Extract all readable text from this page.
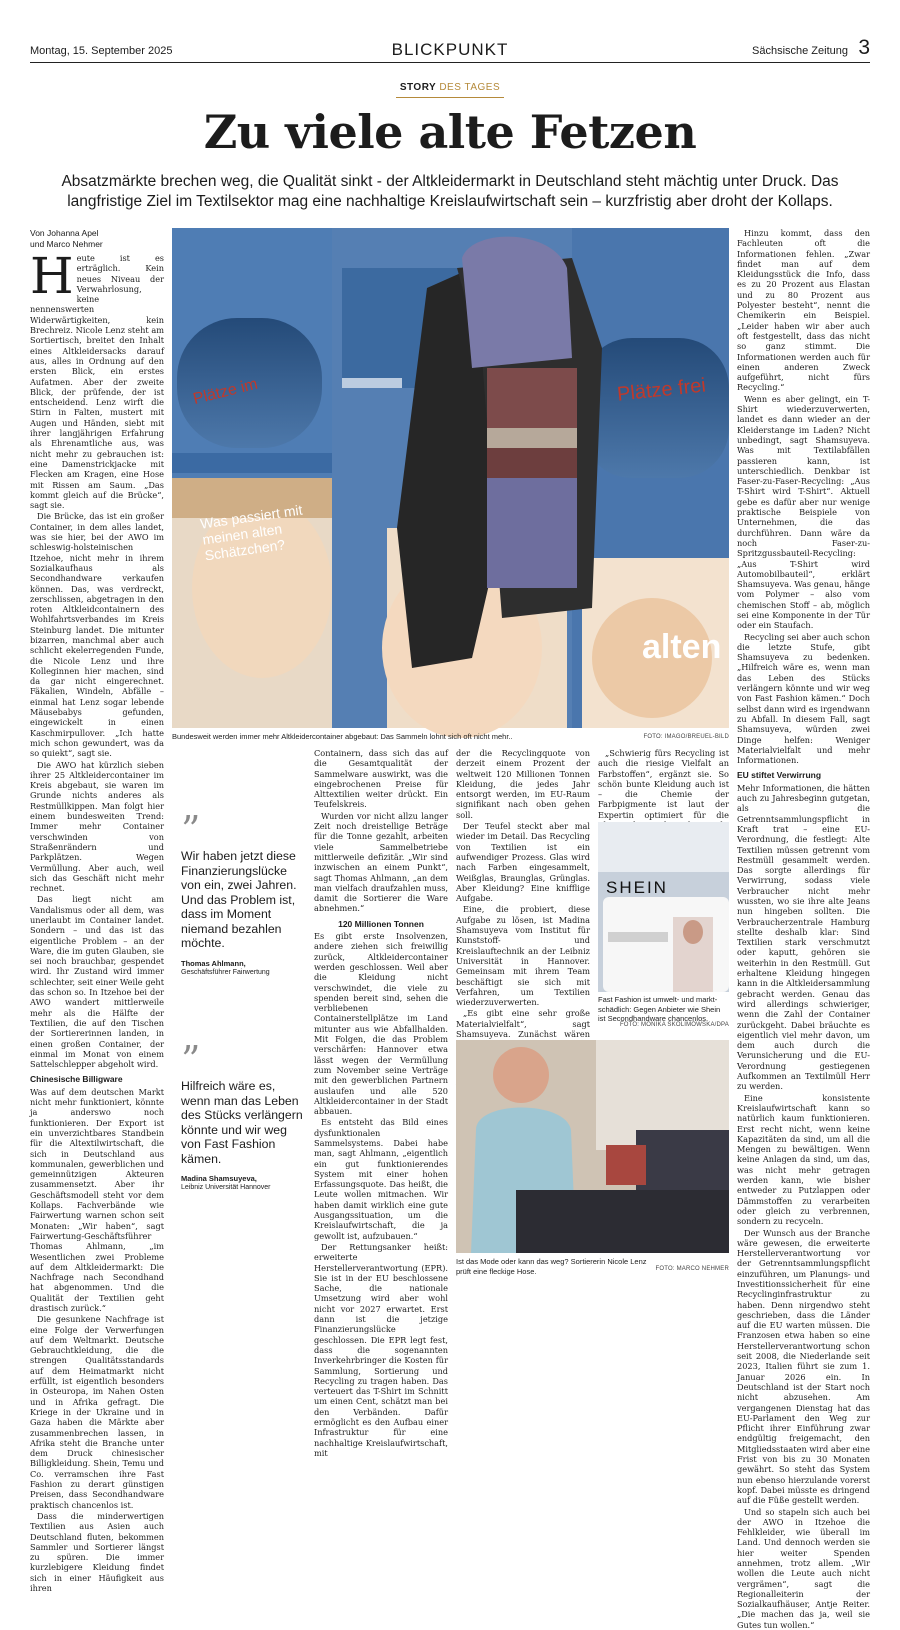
Montag, 15. September 2025	BLICKPUNKT	Sächsische Zeitung 3
STORY DES TAGES
Zu viele alte Fetzen
Absatzmärkte brechen weg, die Qualität sinkt - der Altkleidermarkt in Deutschland steht mächtig unter Druck. Das langfristige Ziel im Textilsektor mag eine nachhaltige Kreislaufwirtschaft sein – kurzfristig aber droht der Kollaps.
Von Johanna Apel
und Marco Nehmer
H eute ist es erträglich. Kein neues Niveau der Verwahrlosung, keine nennenswerten Widerwärtigkeiten, kein Brechreiz. Nicole Lenz steht am Sortiertisch, breitet den Inhalt eines Altkleidersacks darauf aus, alles in Ordnung auf den ersten Blick, ein erstes Aufatmen. Aber der zweite Blick, der prüfende, der ist entscheidend. Lenz wirft die Stirn in Falten, mustert mit Augen und Händen, siebt mit ihrer langjährigen Erfahrung als Ehrenamtliche aus, was nicht mehr zu gebrauchen ist: eine Damenstrickjacke mit Flecken am Kragen, eine Hose mit Rissen am Saum. „Das kommt gleich auf die Brücke“, sagt sie.

Die Brücke, das ist ein großer Container, in dem alles landet, was sie hier, bei der AWO im schleswig-holsteinischen Itzehoe, nicht mehr in ihrem Sozialkaufhaus als Secondhandware verkaufen können. Das, was verdreckt, zerschlissen, abgetragen in den roten Altkleidcontainern des Wohlfahrtsverbandes im Kreis Steinburg landet. Die mitunter bizarren, manchmal aber auch schlicht ekelerregenden Funde, die Nicole Lenz und ihre Kolleginnen hier machen, sind da gar nicht eingerechnet. Fäkalien, Windeln, Abfälle – einmal hat Lenz sogar lebende Mäusebabys gefunden, eingewickelt in einen Kaschmirpullover. „Ich hatte mich schon gewundert, was da so quiekt“, sagt sie.

Die AWO hat kürzlich sieben ihrer 25 Altkleidercontainer im Kreis abgebaut, sie waren im Grunde nichts anderes als Restmüllkippen. Man folgt hier einem bundesweiten Trend: Immer mehr Container verschwinden von Straßenrändern und Parkplätzen. Wegen Vermüllung. Aber auch, weil sich das Geschäft nicht mehr rechnet.

Das liegt nicht am Vandalismus oder all dem, was unerlaubt im Container landet. Sondern – und das ist das eigentliche Problem – an der Ware, die im guten Glauben, sie sei noch brauchbar, gespendet wird. Ihr Zustand wird immer schlechter, seit einer Weile geht das schon so. In Itzehoe bei der AWO wandert mittlerweile mehr als die Hälfte der Textilien, die auf den Tischen der Sortiererinnen landen, in einen großen Container, der einmal im Monat von einem Sattelschlepper abgeholt wird.

Chinesische Billigware

Was auf dem deutschen Markt nicht mehr funktioniert, könnte ja anderswo noch funktionieren. Der Export ist ein unverzichtbares Standbein für die Altextilwirtschaft, die sich in Deutschland aus kommunalen, gewerblichen und gemeinnützigen Akteuren zusammensetzt. Aber ihr Geschäftsmodell steht vor dem Kollaps. Fachverbände wie Fairwertung warnen schon seit Monaten: „Wir haben“, sagt Fairwertung-Geschäftsführer Thomas Ahlmann, „im Wesentlichen zwei Probleme auf dem Altkleidermarkt: Die Nachfrage nach Secondhand hat abgenommen. Und die Qualität der Textilien geht drastisch zurück.“

Die gesunkene Nachfrage ist eine Folge der Verwerfungen auf dem Weltmarkt. Deutsche Gebrauchtkleidung, die die strengen Qualitätsstandards auf dem Heimatmarkt nicht erfüllt, ist eigentlich besonders in Osteuropa, im Nahen Osten und in Afrika gefragt. Die Kriege in der Ukraine und in Gaza haben die Märkte aber zusammenbrechen lassen, in Afrika steht die Branche unter dem Druck chinesischer Billigkleidung. Shein, Temu und Co. verramschen ihre Fast Fashion zu derart günstigen Preisen, dass Secondhandware praktisch chancenlos ist.

Dass die minderwertigen Textilien aus Asien auch Deutschland fluten, bekommen Sammler und Sortierer längst zu spüren. Die immer kurzlebigere Kleidung findet sich in einer Häufigkeit aus ihren

Was passiert mit meinen alten Schätzchen?
Plätze frei
alten
Plätze im
Bundesweit werden immer mehr Altkleidercontainer abgebaut: Das Sammeln lohnt sich oft nicht mehr..	FOTO: IMAGO/BREUEL-BILD
”
Wir haben jetzt diese Finanzierungslücke von ein, zwei Jahren. Und das Problem ist, dass im Moment niemand bezahlen möchte.
Thomas Ahlmann,
Geschäftsführer Fairwertung
”
Hilfreich wäre es, wenn man das Leben des Stücks verlängern könnte und wir weg von Fast Fashion kämen.
Madina Shamsuyeva,
Leibniz Universität Hannover

Containern, dass sich das auf die Gesamtqualität der Sammelware auswirkt, was die eingebrochenen Preise für Alttextilien weiter drückt. Ein Teufelskreis.

Wurden vor nicht allzu langer Zeit noch dreistellige Beträge für die Tonne gezahlt, arbeiten viele Sammelbetriebe mittlerweile defizitär. „Wir sind inzwischen an einem Punkt“, sagt Thomas Ahlmann, „an dem man vielfach draufzahlen muss, damit die Sortierer die Ware abnehmen.“

120 Millionen Tonnen

Es gibt erste Insolvenzen, andere ziehen sich freiwillig zurück, Altkleidercontainer werden geschlossen. Weil aber die Kleidung nicht verschwindet, die viele zu spenden bereit sind, sehen die verbliebenen Containerstellplätze im Land mitunter aus wie Abfallhalden. Mit Folgen, die das Problem verschärfen: Hannover etwa lässt wegen der Vermüllung zum November seine Verträge mit den gewerblichen Partnern auslaufen und alle 520 Altkleidercontainer in der Stadt abbauen.

Es entsteht das Bild eines dysfunktionalen Sammelsystems. Dabei habe man, sagt Ahlmann, „eigentlich ein gut funktionierendes System mit einer hohen Erfassungsquote. Das heißt, die Leute wollen mitmachen. Wir haben damit wirklich eine gute Ausgangssituation, um die Kreislaufwirtschaft, die ja gewollt ist, aufzubauen.“

Der Rettungsanker heißt: erweiterte Herstellerverantwortung (EPR). Sie ist in der EU beschlossene Sache, die nationale Umsetzung wird aber wohl nicht vor 2027 erwartet. Erst dann ist die jetzige Finanzierungslücke geschlossen. Die EPR legt fest, dass die sogenannten Inverkehrbringer die Kosten für Sammlung, Sortierung und Recycling zu tragen haben. Das verteuert das T-Shirt im Schnitt um einen Cent, schätzt man bei den Verbänden. Dafür ermöglicht es den Aufbau einer Infrastruktur für eine nachhaltige Kreislaufwirtschaft, mit

der die Recyclingquote von derzeit einem Prozent der weltweit 120 Millionen Tonnen Kleidung, die jedes Jahr entsorgt werden, im EU-Raum signifikant nach oben gehen soll.

Der Teufel steckt aber mal wieder im Detail. Das Recycling von Textilien ist ein aufwendiger Prozess. Glas wird nach Farben eingesammelt, Weißglas, Braunglas, Grünglas. Aber Kleidung? Eine knifflige Aufgabe.

Eine, die probiert, diese Aufgabe zu lösen, ist Madina Shamsuyeva vom Institut für Kunststoff- und Kreislauftechnik an der Leibniz Universität in Hannover. Gemeinsam mit ihrem Team beschäftigt sie sich mit Verfahren, um Textilien wiederzuverwerten.

„Es gibt eine sehr große Materialvielfalt“, sagt Shamsuyeva. Zunächst wären

„Schwierig fürs Recycling ist auch die riesige Vielfalt an Farbstoffen“, ergänzt sie. So schön bunte Kleidung auch ist – die Chemie der Farbpigmente ist laut der Expertin optimiert für die

SHEIN
Fast Fashion ist umwelt- und marktschädlich: Gegen Anbieter wie Shein ist Secondhandware chancenlos.
FOTO: MONIKA SKOLIMOWSKA/DPA
Ist das Mode oder kann das weg? Sortiererin Nicole Lenz prüft eine fleckige Hose.	FOTO: MARCO NEHMER

Hinzu kommt, dass den Fachleuten oft die Informationen fehlen. „Zwar findet man auf dem Kleidungsstück die Info, dass es zu 20 Prozent aus Elastan und zu 80 Prozent aus Polyester besteht“, nennt die Chemikerin ein Beispiel. „Leider haben wir aber auch oft festgestellt, dass das nicht so ganz stimmt. Die Informationen werden auch für einen anderen Zweck aufgeführt, nicht fürs Recycling.“

Wenn es aber gelingt, ein T-Shirt wiederzuverwerten, landet es dann wieder an der Kleiderstange im Laden? Nicht unbedingt, sagt Shamsuyeva. Was mit Textilabfällen passieren kann, ist unterschiedlich. Denkbar ist Faser-zu-Faser-Recycling: „Aus T-Shirt wird T-Shirt“. Aktuell gebe es dafür aber nur wenige praktische Beispiele von Unternehmen, die das durchführen. Dann wäre da noch Faser-zu-Spritzgussbauteil-Recycling: „Aus T-Shirt wird Automobilbauteil“, erklärt Shamsuyeva. Was genau, hänge vom Polymer – also vom chemischen Stoff – ab, möglich sei eine Komponente in der Tür oder ein Staufach.

Recycling sei aber auch schon die letzte Stufe, gibt Shamsuyeva zu bedenken. „Hilfreich wäre es, wenn man das Leben des Stücks verlängern könnte und wir weg von Fast Fashion kämen.“ Doch selbst dann wird es irgendwann zu Abfall. In diesem Fall, sagt Shamsuyeva, würden zwei Dinge helfen: Weniger Materialvielfalt und mehr Informationen.

EU stiftet Verwirrung

Mehr Informationen, die hätten auch zu Jahresbeginn gutgetan, als die Getrenntsammlungspflicht in Kraft trat – eine EU-Verordnung, die festlegt: Alte Textilien müssen getrennt vom Restmüll gesammelt werden. Das sorgte allerdings für Verwirrung, sodass viele Verbraucher nicht mehr wussten, wo sie ihre alte Jeans nun hingeben sollten. Die Verbraucherzentrale Hamburg stellte deshalb klar: Sind Textilien stark verschmutzt oder kaputt, gehören sie weiterhin in den Restmüll. Gut erhaltene Kleidung hingegen kann in die Altkleidersammlung gebracht werden. Genau das wird allerdings schwieriger, wenn die Zahl der Container zurückgeht. Dabei bräuchte es eigentlich viel mehr davon, um dem auch durch die Verunsicherung und die EU-Verordnung gestiegenen Aufkommen an Textilmüll Herr zu werden.

Eine konsistente Kreislaufwirtschaft kann so natürlich kaum funktionieren. Erst recht nicht, wenn keine Kapazitäten da sind, um all die Mengen zu bewältigen. Wenn keine Anlagen da sind, um das, was nicht mehr getragen werden kann, wie bisher entweder zu Putzlappen oder Dämmstoffen zu verarbeiten oder gleich zu verbrennen, sondern zu recyceln.

Der Wunsch aus der Branche wäre gewesen, die erweiterte Herstellerverantwortung vor der Getrenntsammlungspflicht einzuführen, um Planungs- und Investitionssicherheit für eine Recyclinginfrastruktur zu haben. Denn nirgendwo steht geschrieben, dass die Länder auf die EU warten müssen. Die Franzosen etwa haben so eine Herstellerverantwortung schon seit 2008, die Niederlande seit 2023, Italien führt sie zum 1. Januar 2026 ein. In Deutschland ist der Start noch nicht abzusehen. Am vergangenen Dienstag hat das EU-Parlament den Weg zur Pflicht ihrer Einführung zwar endgültig freigemacht, den Mitgliedsstaaten wird aber eine Frist von bis zu 30 Monaten gewährt. So steht das System nun ebenso hierzulande vorerst kopf. Dabei müsste es dringend auf die Füße gestellt werden.

Und so stapeln sich auch bei der AWO in Itzehoe die Fehlkleider, wie überall im Land. Und dennoch werden sie hier weiter Spenden annehmen, trotz allem. „Wir wollen die Leute auch nicht vergrämen“, sagt die Regionalleiterin der Sozialkaufhäuser, Antje Reiter. „Die machen das ja, weil sie Gutes tun wollen.“
